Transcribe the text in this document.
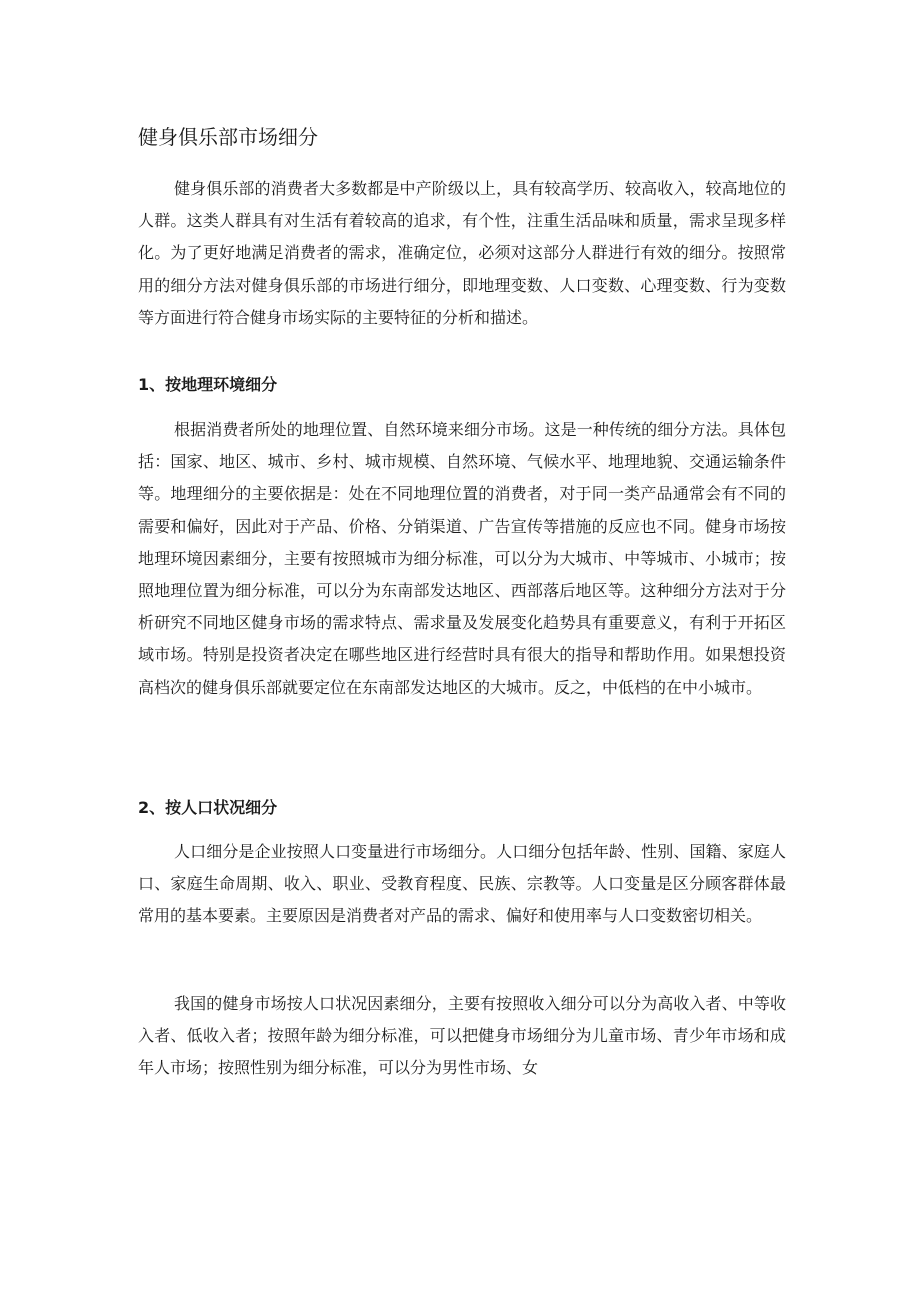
健身俱乐部市场细分

健身俱乐部的消费者大多数都是中产阶级以上，具有较高学历、较高收入，较高地位的人群。这类人群具有对生活有着较高的追求，有个性，注重生活品味和质量，需求呈现多样化。为了更好地满足消费者的需求，准确定位，必须对这部分人群进行有效的细分。按照常用的细分方法对健身俱乐部的市场进行细分，即地理变数、人口变数、心理变数、行为变数等方面进行符合健身市场实际的主要特征的分析和描述。

1、按地理环境细分

根据消费者所处的地理位置、自然环境来细分市场。这是一种传统的细分方法。具体包括：国家、地区、城市、乡村、城市规模、自然环境、气候水平、地理地貌、交通运输条件等。地理细分的主要依据是：处在不同地理位置的消费者，对于同一类产品通常会有不同的需要和偏好，因此对于产品、价格、分销渠道、广告宣传等措施的反应也不同。健身市场按地理环境因素细分，主要有按照城市为细分标准，可以分为大城市、中等城市、小城市；按照地理位置为细分标准，可以分为东南部发达地区、西部落后地区等。这种细分方法对于分析研究不同地区健身市场的需求特点、需求量及发展变化趋势具有重要意义，有利于开拓区域市场。特别是投资者决定在哪些地区进行经营时具有很大的指导和帮助作用。如果想投资高档次的健身俱乐部就要定位在东南部发达地区的大城市。反之，中低档的在中小城市。

2、按人口状况细分

人口细分是企业按照人口变量进行市场细分。人口细分包括年龄、性别、国籍、家庭人口、家庭生命周期、收入、职业、受教育程度、民族、宗教等。人口变量是区分顾客群体最常用的基本要素。主要原因是消费者对产品的需求、偏好和使用率与人口变数密切相关。

我国的健身市场按人口状况因素细分，主要有按照收入细分可以分为高收入者、中等收入者、低收入者；按照年龄为细分标准，可以把健身市场细分为儿童市场、青少年市场和成年人市场；按照性别为细分标准，可以分为男性市场、女
